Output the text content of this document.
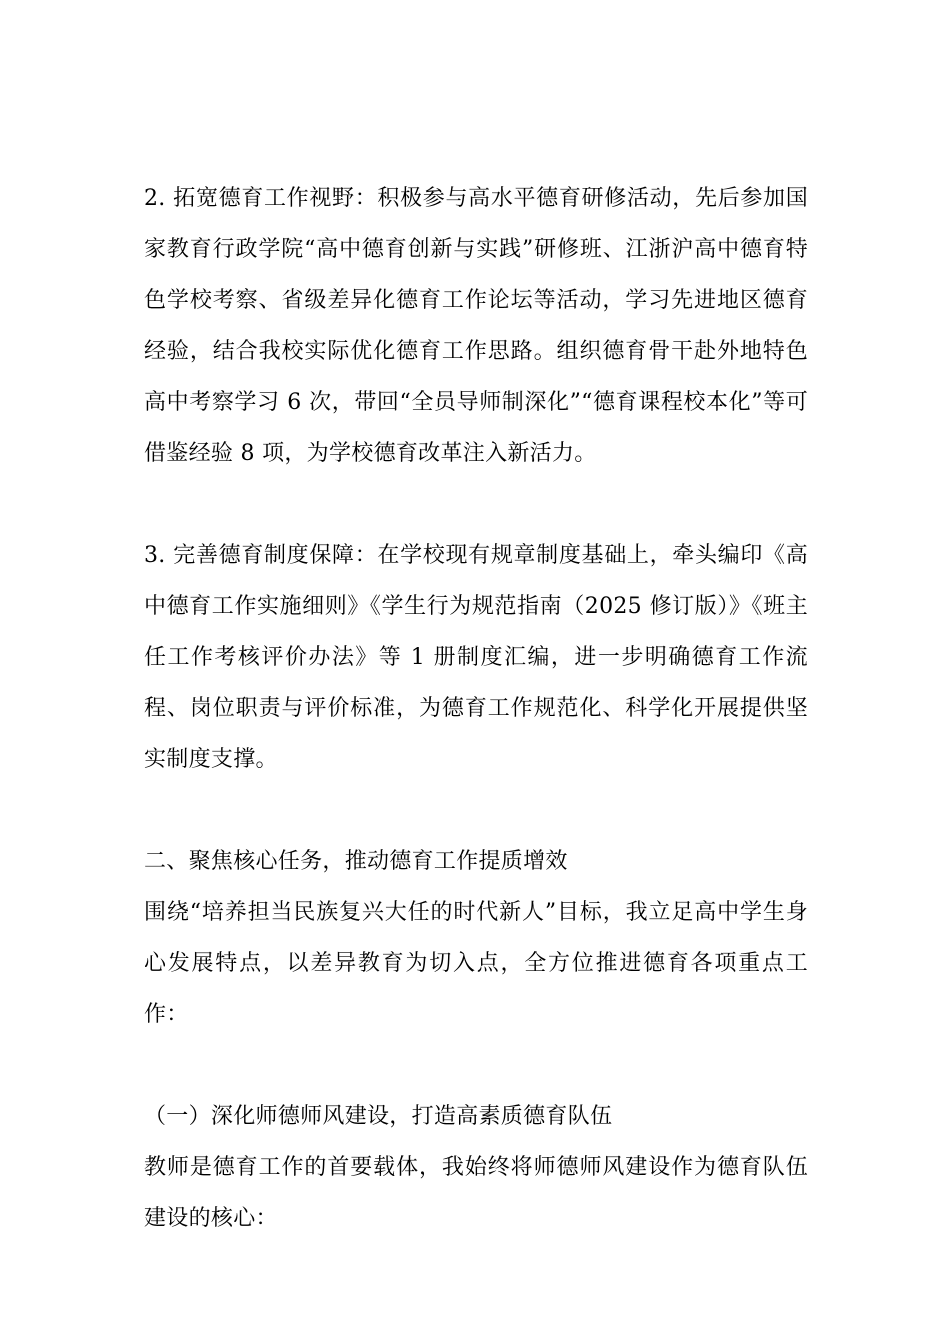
2. 拓宽德育工作视野：积极参与高水平德育研修活动，先后参加国家教育行政学院“高中德育创新与实践”研修班、江浙沪高中德育特色学校考察、省级差异化德育工作论坛等活动，学习先进地区德育经验，结合我校实际优化德育工作思路。组织德育骨干赴外地特色高中考察学习 6 次，带回“全员导师制深化”“德育课程校本化”等可借鉴经验 8 项，为学校德育改革注入新活力。

3. 完善德育制度保障：在学校现有规章制度基础上，牵头编印《高中德育工作实施细则》《学生行为规范指南（2025 修订版）》《班主任工作考核评价办法》等 1 册制度汇编，进一步明确德育工作流程、岗位职责与评价标准，为德育工作规范化、科学化开展提供坚实制度支撑。

二、聚焦核心任务，推动德育工作提质增效

围绕“培养担当民族复兴大任的时代新人”目标，我立足高中学生身心发展特点，以差异教育为切入点，全方位推进德育各项重点工作：

（一）深化师德师风建设，打造高素质德育队伍

教师是德育工作的首要载体，我始终将师德师风建设作为德育队伍建设的核心：
